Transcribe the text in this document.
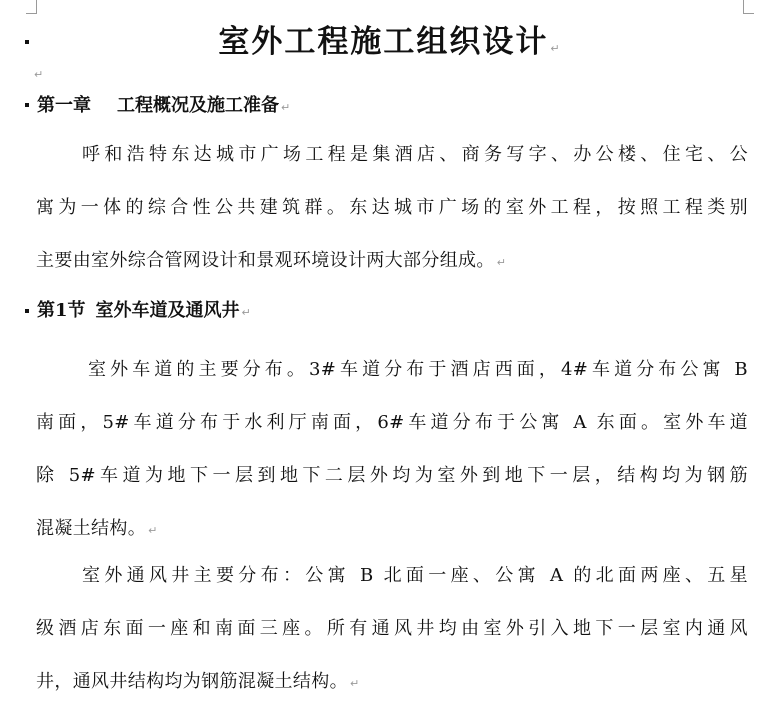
室外工程施工组织设计 ↵
↵
第一章 工程概况及施工准备 ↵
呼和浩特东达城市广场工程是集酒店、商务写字、办公楼、住宅、公
寓为一体的综合性公共建筑群。东达城市广场的室外工程，按照工程类别
主要由室外综合管网设计和景观环境设计两大部分组成。 ↵
第1节 室外车道及通风井 ↵
室外车道的主要分布。3#车道分布于酒店西面，4#车道分布公寓 B
南面，5#车道分布于水利厅南面，6#车道分布于公寓 A 东面。室外车道
除 5#车道为地下一层到地下二层外均为室外到地下一层，结构均为钢筋
混凝土结构。 ↵
室外通风井主要分布：公寓 B 北面一座、公寓 A 的北面两座、五星
级酒店东面一座和南面三座。所有通风井均由室外引入地下一层室内通风
井，通风井结构均为钢筋混凝土结构。 ↵
